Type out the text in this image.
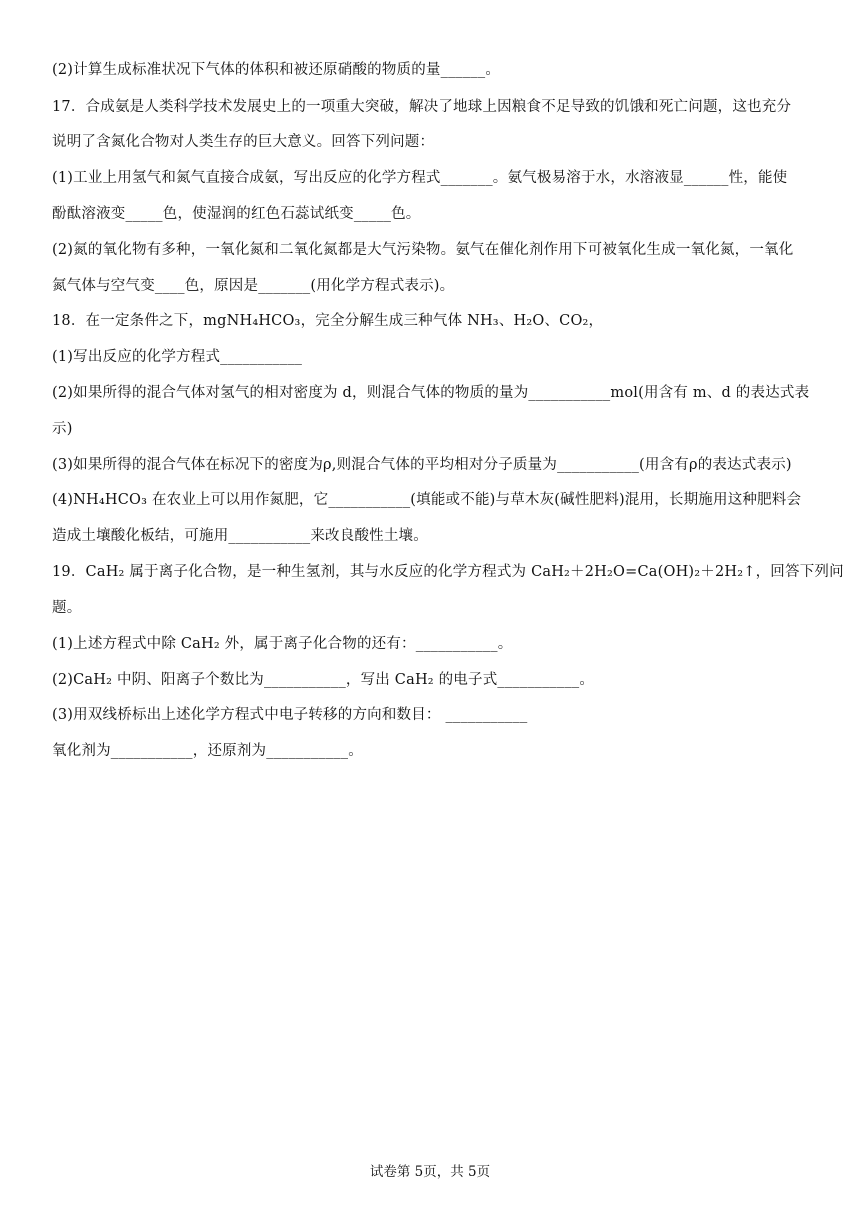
(2)计算生成标准状况下气体的体积和被还原硝酸的物质的量______。
17．合成氨是人类科学技术发展史上的一项重大突破，解决了地球上因粮食不足导致的饥饿和死亡问题，这也充分
说明了含氮化合物对人类生存的巨大意义。回答下列问题：
(1)工业上用氢气和氮气直接合成氨，写出反应的化学方程式_______。氨气极易溶于水，水溶液显______性，能使
酚酞溶液变_____色，使湿润的红色石蕊试纸变_____色。
(2)氮的氧化物有多种，一氧化氮和二氧化氮都是大气污染物。氨气在催化剂作用下可被氧化生成一氧化氮，一氧化
氮气体与空气变____色，原因是_______(用化学方程式表示)。
18．在一定条件之下，mgNH₄HCO₃，完全分解生成三种气体 NH₃、H₂O、CO₂，
(1)写出反应的化学方程式___________
(2)如果所得的混合气体对氢气的相对密度为 d，则混合气体的物质的量为___________mol(用含有 m、d 的表达式表
示)
(3)如果所得的混合气体在标况下的密度为ρ,则混合气体的平均相对分子质量为___________(用含有ρ的表达式表示)
(4)NH₄HCO₃ 在农业上可以用作氮肥，它___________(填能或不能)与草木灰(碱性肥料)混用，长期施用这种肥料会
造成土壤酸化板结，可施用___________来改良酸性土壤。
19．CaH₂ 属于离子化合物，是一种生氢剂，其与水反应的化学方程式为 CaH₂＋2H₂O=Ca(OH)₂＋2H₂↑，回答下列问
题。
(1)上述方程式中除 CaH₂ 外，属于离子化合物的还有：___________。
(2)CaH₂ 中阴、阳离子个数比为___________，写出 CaH₂ 的电子式___________。
(3)用双线桥标出上述化学方程式中电子转移的方向和数目： ___________
氧化剂为___________，还原剂为___________。
试卷第 5页，共 5页
